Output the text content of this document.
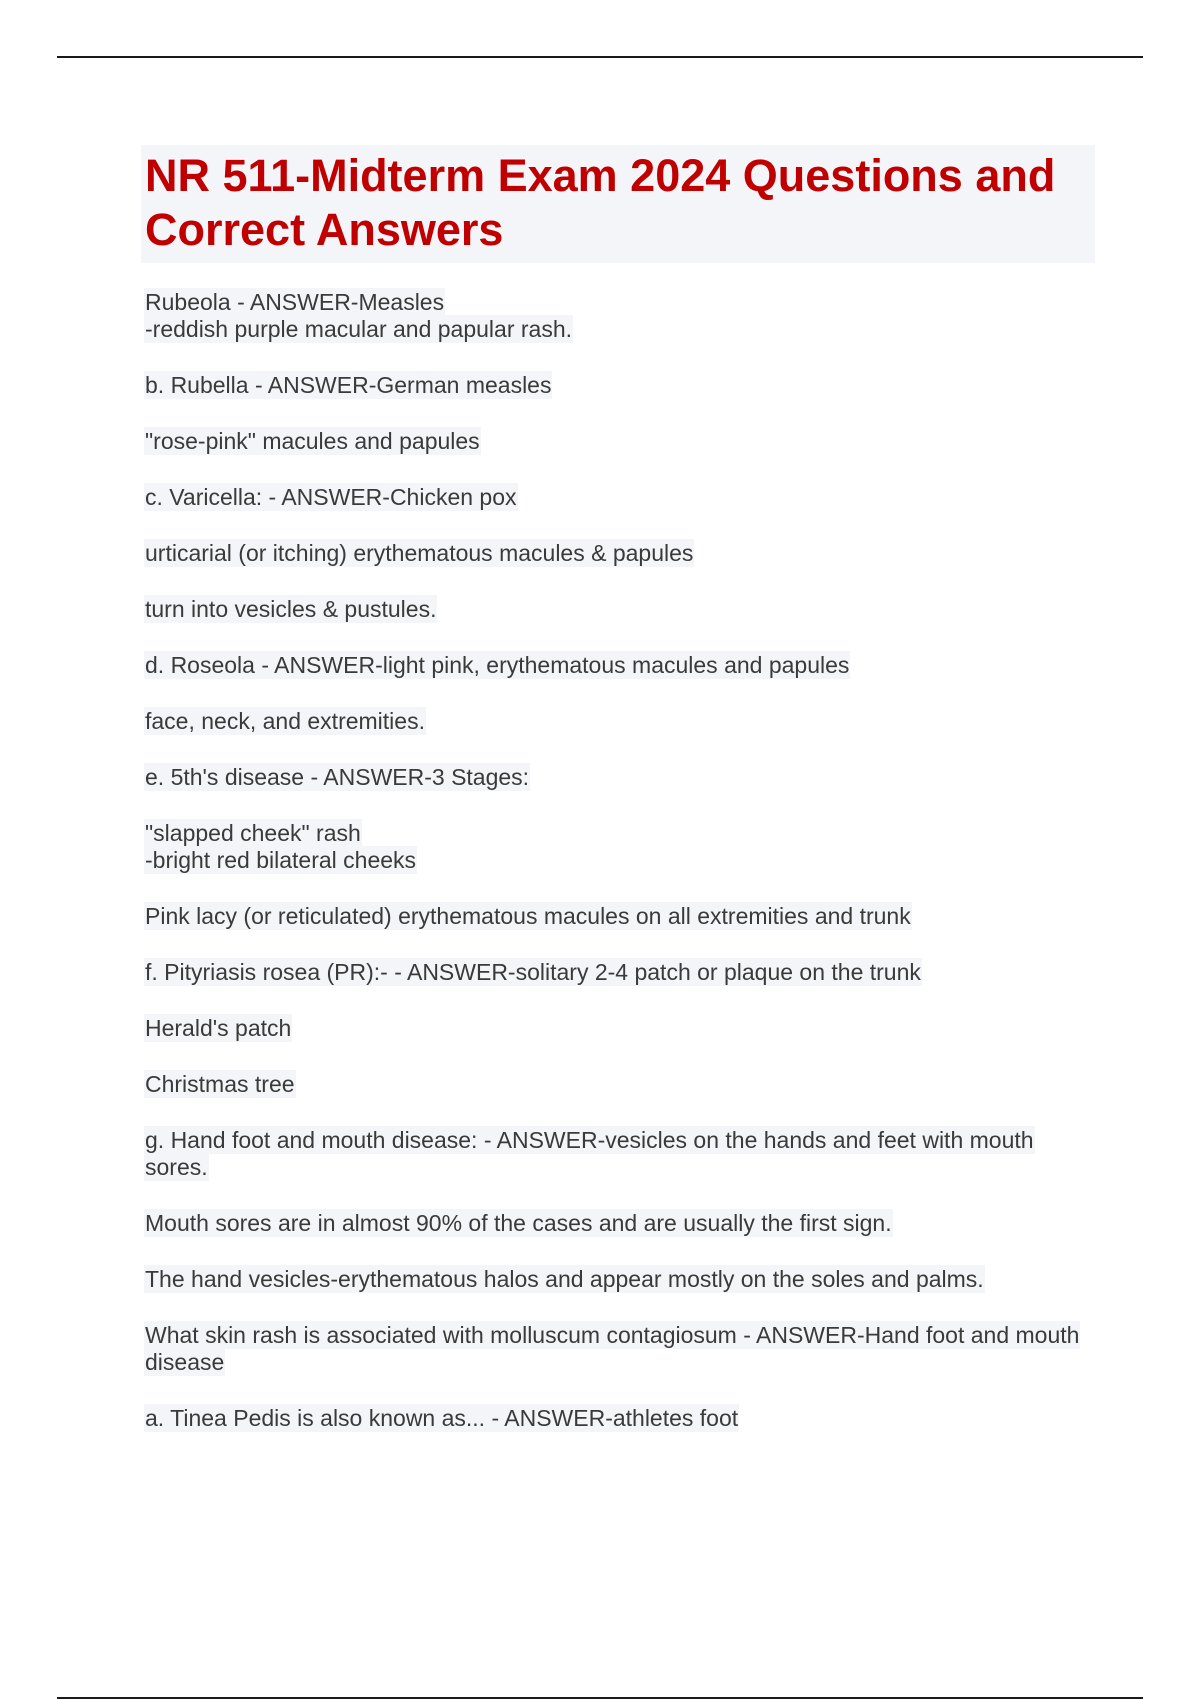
NR 511-Midterm Exam 2024 Questions and Correct Answers
Rubeola - ANSWER-Measles
-reddish purple macular and papular rash.
b. Rubella - ANSWER-German measles
"rose-pink" macules and papules
c. Varicella: - ANSWER-Chicken pox
urticarial (or itching) erythematous macules & papules
turn into vesicles & pustules.
d. Roseola - ANSWER-light pink, erythematous macules and papules
face, neck, and extremities.
e. 5th's disease - ANSWER-3 Stages:
"slapped cheek" rash
-bright red bilateral cheeks
Pink lacy (or reticulated) erythematous macules on all extremities and trunk
f. Pityriasis rosea (PR):- - ANSWER-solitary 2-4 patch or plaque on the trunk
Herald's patch
Christmas tree
g. Hand foot and mouth disease: - ANSWER-vesicles on the hands and feet with mouth sores.
Mouth sores are in almost 90% of the cases and are usually the first sign.
The hand vesicles-erythematous halos and appear mostly on the soles and palms.
What skin rash is associated with molluscum contagiosum - ANSWER-Hand foot and mouth disease
a. Tinea Pedis is also known as... - ANSWER-athletes foot
